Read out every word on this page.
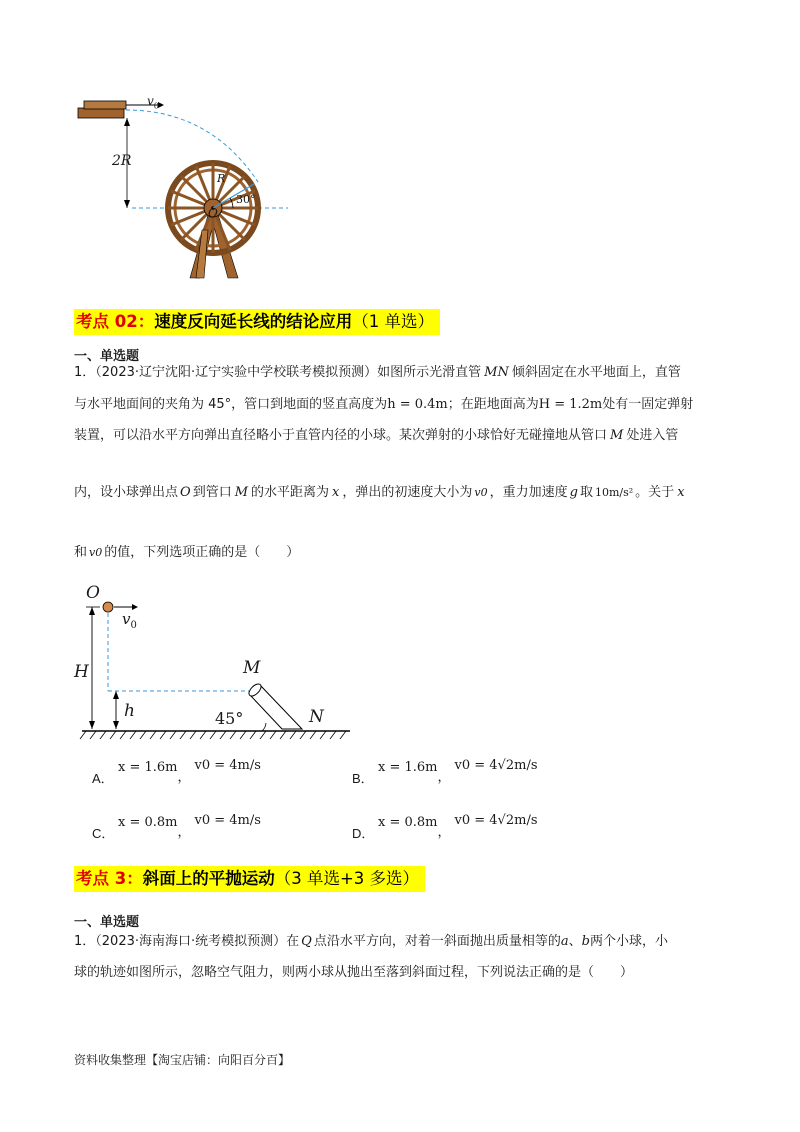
$v_0$
2R
R
30°
O
考点 02：速度反向延长线的结论应用（1 单选）
一、单选题
1．（2023·辽宁沈阳·辽宁实验中学校联考模拟预测）如图所示光滑直管 MN 倾斜固定在水平地面上，直管
与水平地面间的夹角为 45°，管口到地面的竖直高度为h = 0.4m；在距地面高为H = 1.2m处有一固定弹射
装置，可以沿水平方向弹出直径略小于直管内径的小球。某次弹射的小球恰好无碰撞地从管口 M 处进入管
内，设小球弹出点 O 到管口 M 的水平距离为 x ，弹出的初速度大小为 v0 ，重力加速度 g 取 10m/s² 。关于 x
和 v0 的值，下列选项正确的是（　　）
O
$v_0$
H
h
M
45°	N
A．x = 1.6m，v0 = 4m/s
B．x = 1.6m，v0 = 4√2m/s
C．x = 0.8m，v0 = 4m/s
D．x = 0.8m，v0 = 4√2m/s
考点 3：斜面上的平抛运动（3 单选+3 多选）
一、单选题
1．（2023·海南海口·统考模拟预测）在 Q 点沿水平方向，对着一斜面抛出质量相等的a、b两个小球，小
球的轨迹如图所示，忽略空气阻力，则两小球从抛出至落到斜面过程，下列说法正确的是（　　）
资料收集整理【淘宝店铺：向阳百分百】
